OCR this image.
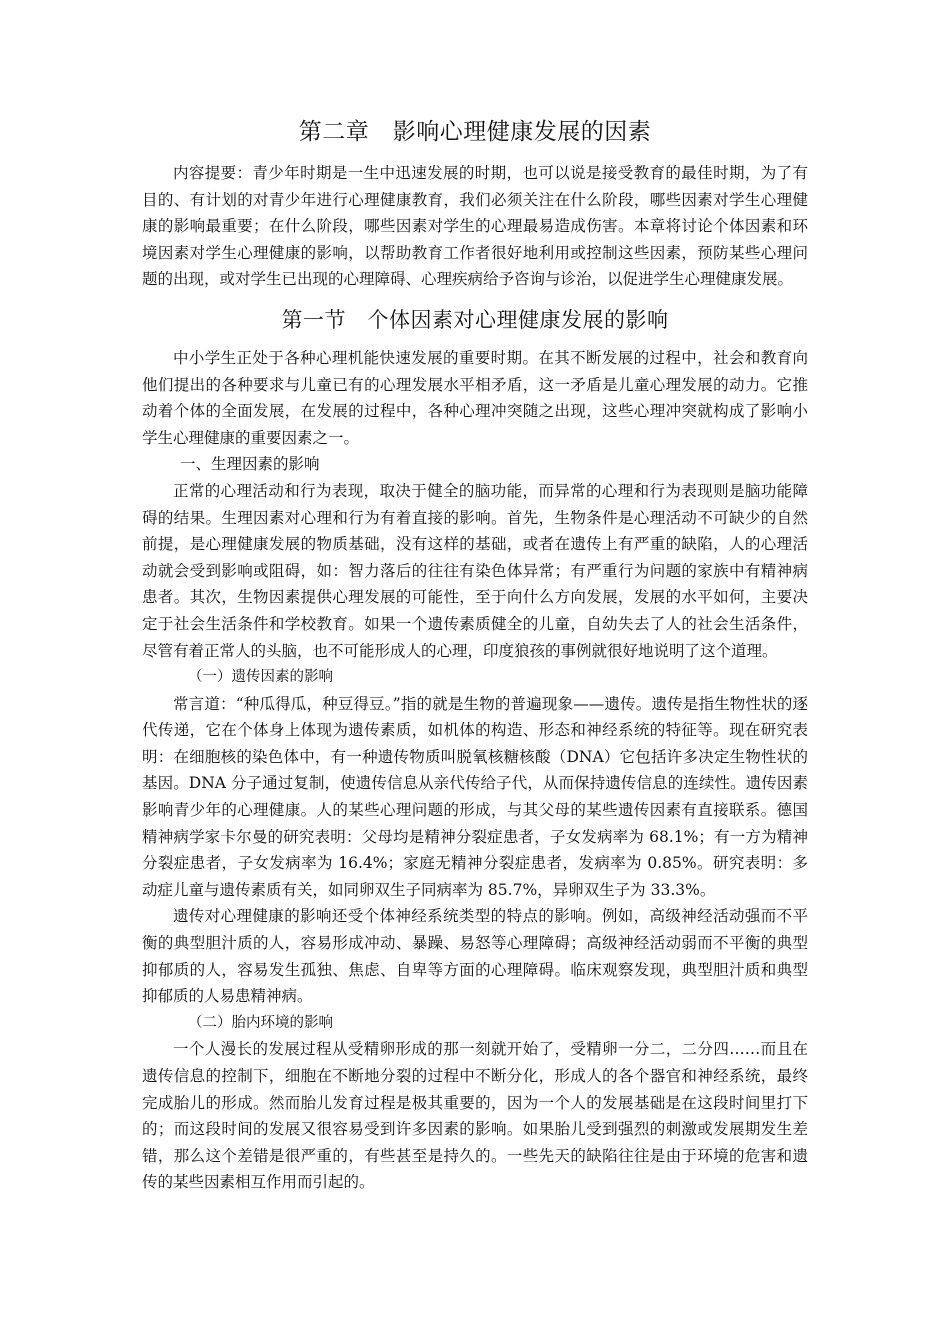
第二章　影响心理健康发展的因素

内容提要：青少年时期是一生中迅速发展的时期，也可以说是接受教育的最佳时期，为了有目的、有计划的对青少年进行心理健康教育，我们必须关注在什么阶段，哪些因素对学生心理健康的影响最重要；在什么阶段，哪些因素对学生的心理最易造成伤害。本章将讨论个体因素和环境因素对学生心理健康的影响，以帮助教育工作者很好地利用或控制这些因素，预防某些心理问题的出现，或对学生已出现的心理障碍、心理疾病给予咨询与诊治，以促进学生心理健康发展。

第一节　个体因素对心理健康发展的影响

中小学生正处于各种心理机能快速发展的重要时期。在其不断发展的过程中，社会和教育向他们提出的各种要求与儿童已有的心理发展水平相矛盾，这一矛盾是儿童心理发展的动力。它推动着个体的全面发展，在发展的过程中，各种心理冲突随之出现，这些心理冲突就构成了影响小学生心理健康的重要因素之一。

一、生理因素的影响

正常的心理活动和行为表现，取决于健全的脑功能，而异常的心理和行为表现则是脑功能障碍的结果。生理因素对心理和行为有着直接的影响。首先，生物条件是心理活动不可缺少的自然前提，是心理健康发展的物质基础，没有这样的基础，或者在遗传上有严重的缺陷，人的心理活动就会受到影响或阻碍，如：智力落后的往往有染色体异常；有严重行为问题的家族中有精神病患者。其次，生物因素提供心理发展的可能性，至于向什么方向发展，发展的水平如何，主要决定于社会生活条件和学校教育。如果一个遗传素质健全的儿童，自幼失去了人的社会生活条件，尽管有着正常人的头脑，也不可能形成人的心理，印度狼孩的事例就很好地说明了这个道理。

（一）遗传因素的影响

常言道：“种瓜得瓜，种豆得豆。”指的就是生物的普遍现象——遗传。遗传是指生物性状的逐代传递，它在个体身上体现为遗传素质，如机体的构造、形态和神经系统的特征等。现在研究表明：在细胞核的染色体中，有一种遗传物质叫脱氧核糖核酸（DNA）它包括许多决定生物性状的基因。DNA 分子通过复制，使遗传信息从亲代传给子代，从而保持遗传信息的连续性。遗传因素影响青少年的心理健康。人的某些心理问题的形成，与其父母的某些遗传因素有直接联系。德国精神病学家卡尔曼的研究表明：父母均是精神分裂症患者，子女发病率为 68.1%；有一方为精神分裂症患者，子女发病率为 16.4%；家庭无精神分裂症患者，发病率为 0.85%。研究表明：多动症儿童与遗传素质有关，如同卵双生子同病率为 85.7%，异卵双生子为 33.3%。

遗传对心理健康的影响还受个体神经系统类型的特点的影响。例如，高级神经活动强而不平衡的典型胆汁质的人，容易形成冲动、暴躁、易怒等心理障碍；高级神经活动弱而不平衡的典型抑郁质的人，容易发生孤独、焦虑、自卑等方面的心理障碍。临床观察发现，典型胆汁质和典型抑郁质的人易患精神病。

（二）胎内环境的影响

一个人漫长的发展过程从受精卵形成的那一刻就开始了，受精卵一分二，二分四……而且在遗传信息的控制下，细胞在不断地分裂的过程中不断分化，形成人的各个器官和神经系统，最终完成胎儿的形成。然而胎儿发育过程是极其重要的，因为一个人的发展基础是在这段时间里打下的；而这段时间的发展又很容易受到许多因素的影响。如果胎儿受到强烈的刺激或发展期发生差错，那么这个差错是很严重的，有些甚至是持久的。一些先天的缺陷往往是由于环境的危害和遗传的某些因素相互作用而引起的。
